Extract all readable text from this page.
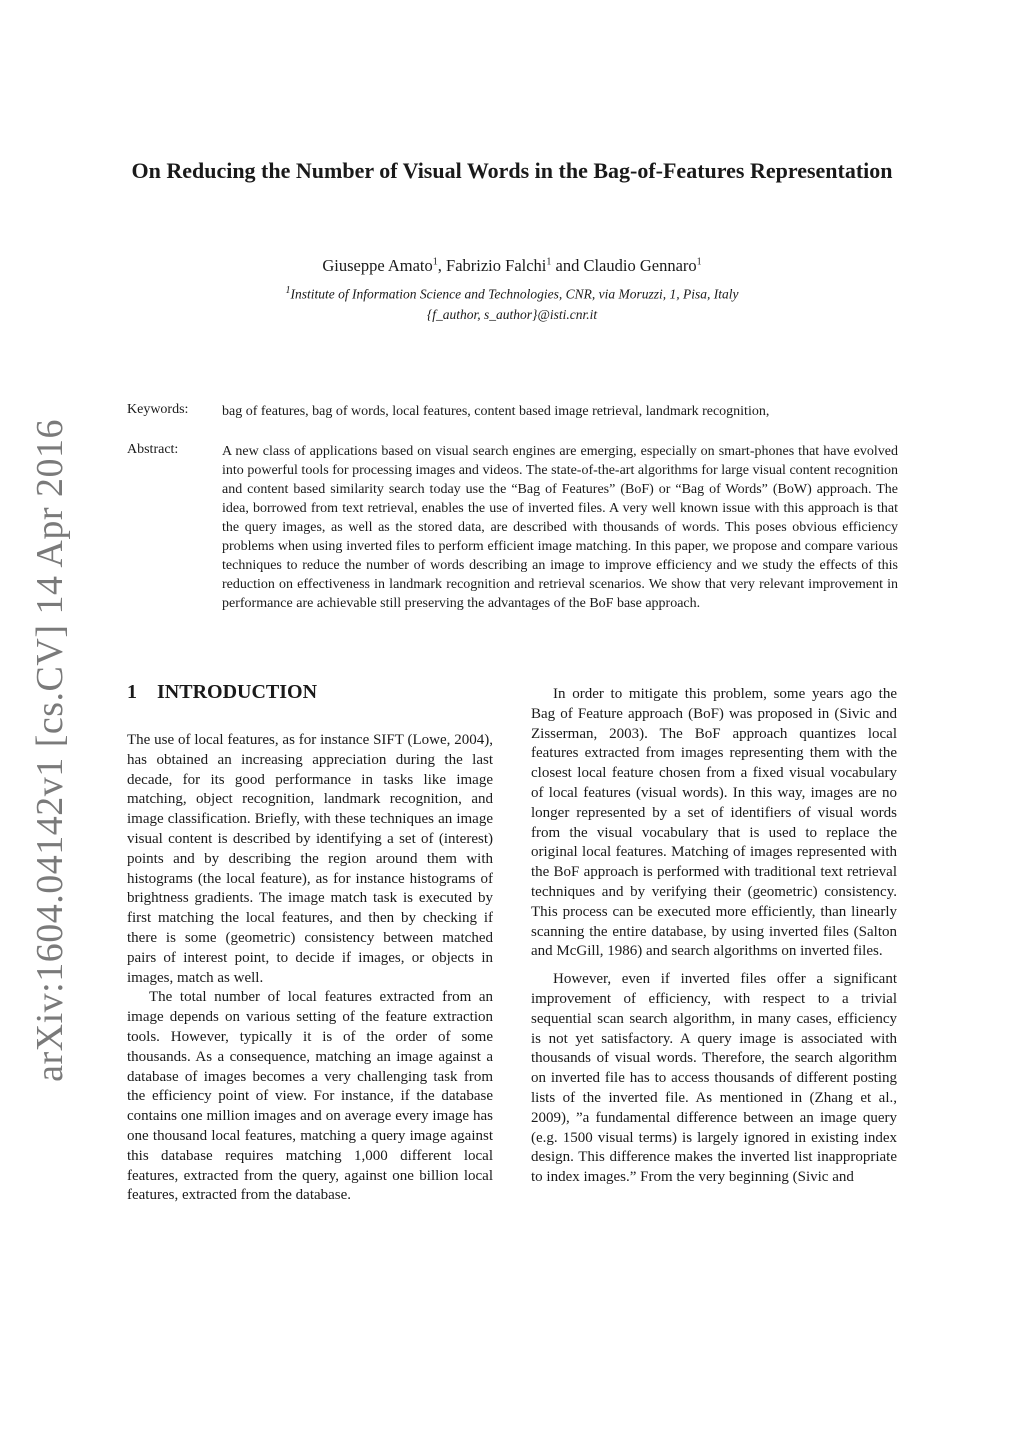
arXiv:1604.04142v1 [cs.CV] 14 Apr 2016
On Reducing the Number of Visual Words in the Bag-of-Features Representation
Giuseppe Amato$^1$, Fabrizio Falchi$^1$ and Claudio Gennaro$^1$
$^1$Institute of Information Science and Technologies, CNR, via Moruzzi, 1, Pisa, Italy
{f_author, s_author}@isti.cnr.it
Keywords: bag of features, bag of words, local features, content based image retrieval, landmark recognition,
Abstract:	A new class of applications based on visual search engines are emerging, especially on smart-phones that have evolved into powerful tools for processing images and videos. The state-of-the-art algorithms for large visual content recognition and content based similarity search today use the “Bag of Features” (BoF) or “Bag of Words” (BoW) approach. The idea, borrowed from text retrieval, enables the use of inverted files. A very well known issue with this approach is that the query images, as well as the stored data, are described with thousands of words. This poses obvious efficiency problems when using inverted files to perform efficient image matching. In this paper, we propose and compare various techniques to reduce the number of words describing an image to improve efficiency and we study the effects of this reduction on effectiveness in landmark recognition and retrieval scenarios. We show that very relevant improvement in performance are achievable still preserving the advantages of the BoF base approach.
1 INTRODUCTION

The use of local features, as for instance SIFT (Lowe, 2004), has obtained an increasing appreciation during the last decade, for its good performance in tasks like image matching, object recognition, landmark recognition, and image classification. Briefly, with these techniques an image visual content is described by identifying a set of (interest) points and by describing the region around them with histograms (the local feature), as for instance histograms of brightness gradients. The image match task is executed by first matching the local features, and then by checking if there is some (geometric) consistency between matched pairs of interest point, to decide if images, or objects in images, match as well.

The total number of local features extracted from an image depends on various setting of the feature extraction tools. However, typically it is of the order of some thousands. As a consequence, matching an image against a database of images becomes a very challenging task from the efficiency point of view. For instance, if the database contains one million images and on average every image has one thousand local features, matching a query image against this database requires matching 1,000 different local features, extracted from the query, against one billion local features, extracted from the database.

In order to mitigate this problem, some years ago the Bag of Feature approach (BoF) was proposed in (Sivic and Zisserman, 2003). The BoF approach quantizes local features extracted from images representing them with the closest local feature chosen from a fixed visual vocabulary of local features (visual words). In this way, images are no longer represented by a set of identifiers of visual words from the visual vocabulary that is used to replace the original local features. Matching of images represented with the BoF approach is performed with traditional text retrieval techniques and by verifying their (geometric) consistency. This process can be executed more efficiently, than linearly scanning the entire database, by using inverted files (Salton and McGill, 1986) and search algorithms on inverted files.

However, even if inverted files offer a significant improvement of efficiency, with respect to a trivial sequential scan search algorithm, in many cases, efficiency is not yet satisfactory. A query image is associated with thousands of visual words. Therefore, the search algorithm on inverted file has to access thousands of different posting lists of the inverted file. As mentioned in (Zhang et al., 2009), ”a fundamental difference between an image query (e.g. 1500 visual terms) is largely ignored in existing index design. This difference makes the inverted list inappropriate to index images.” From the very beginning (Sivic and
